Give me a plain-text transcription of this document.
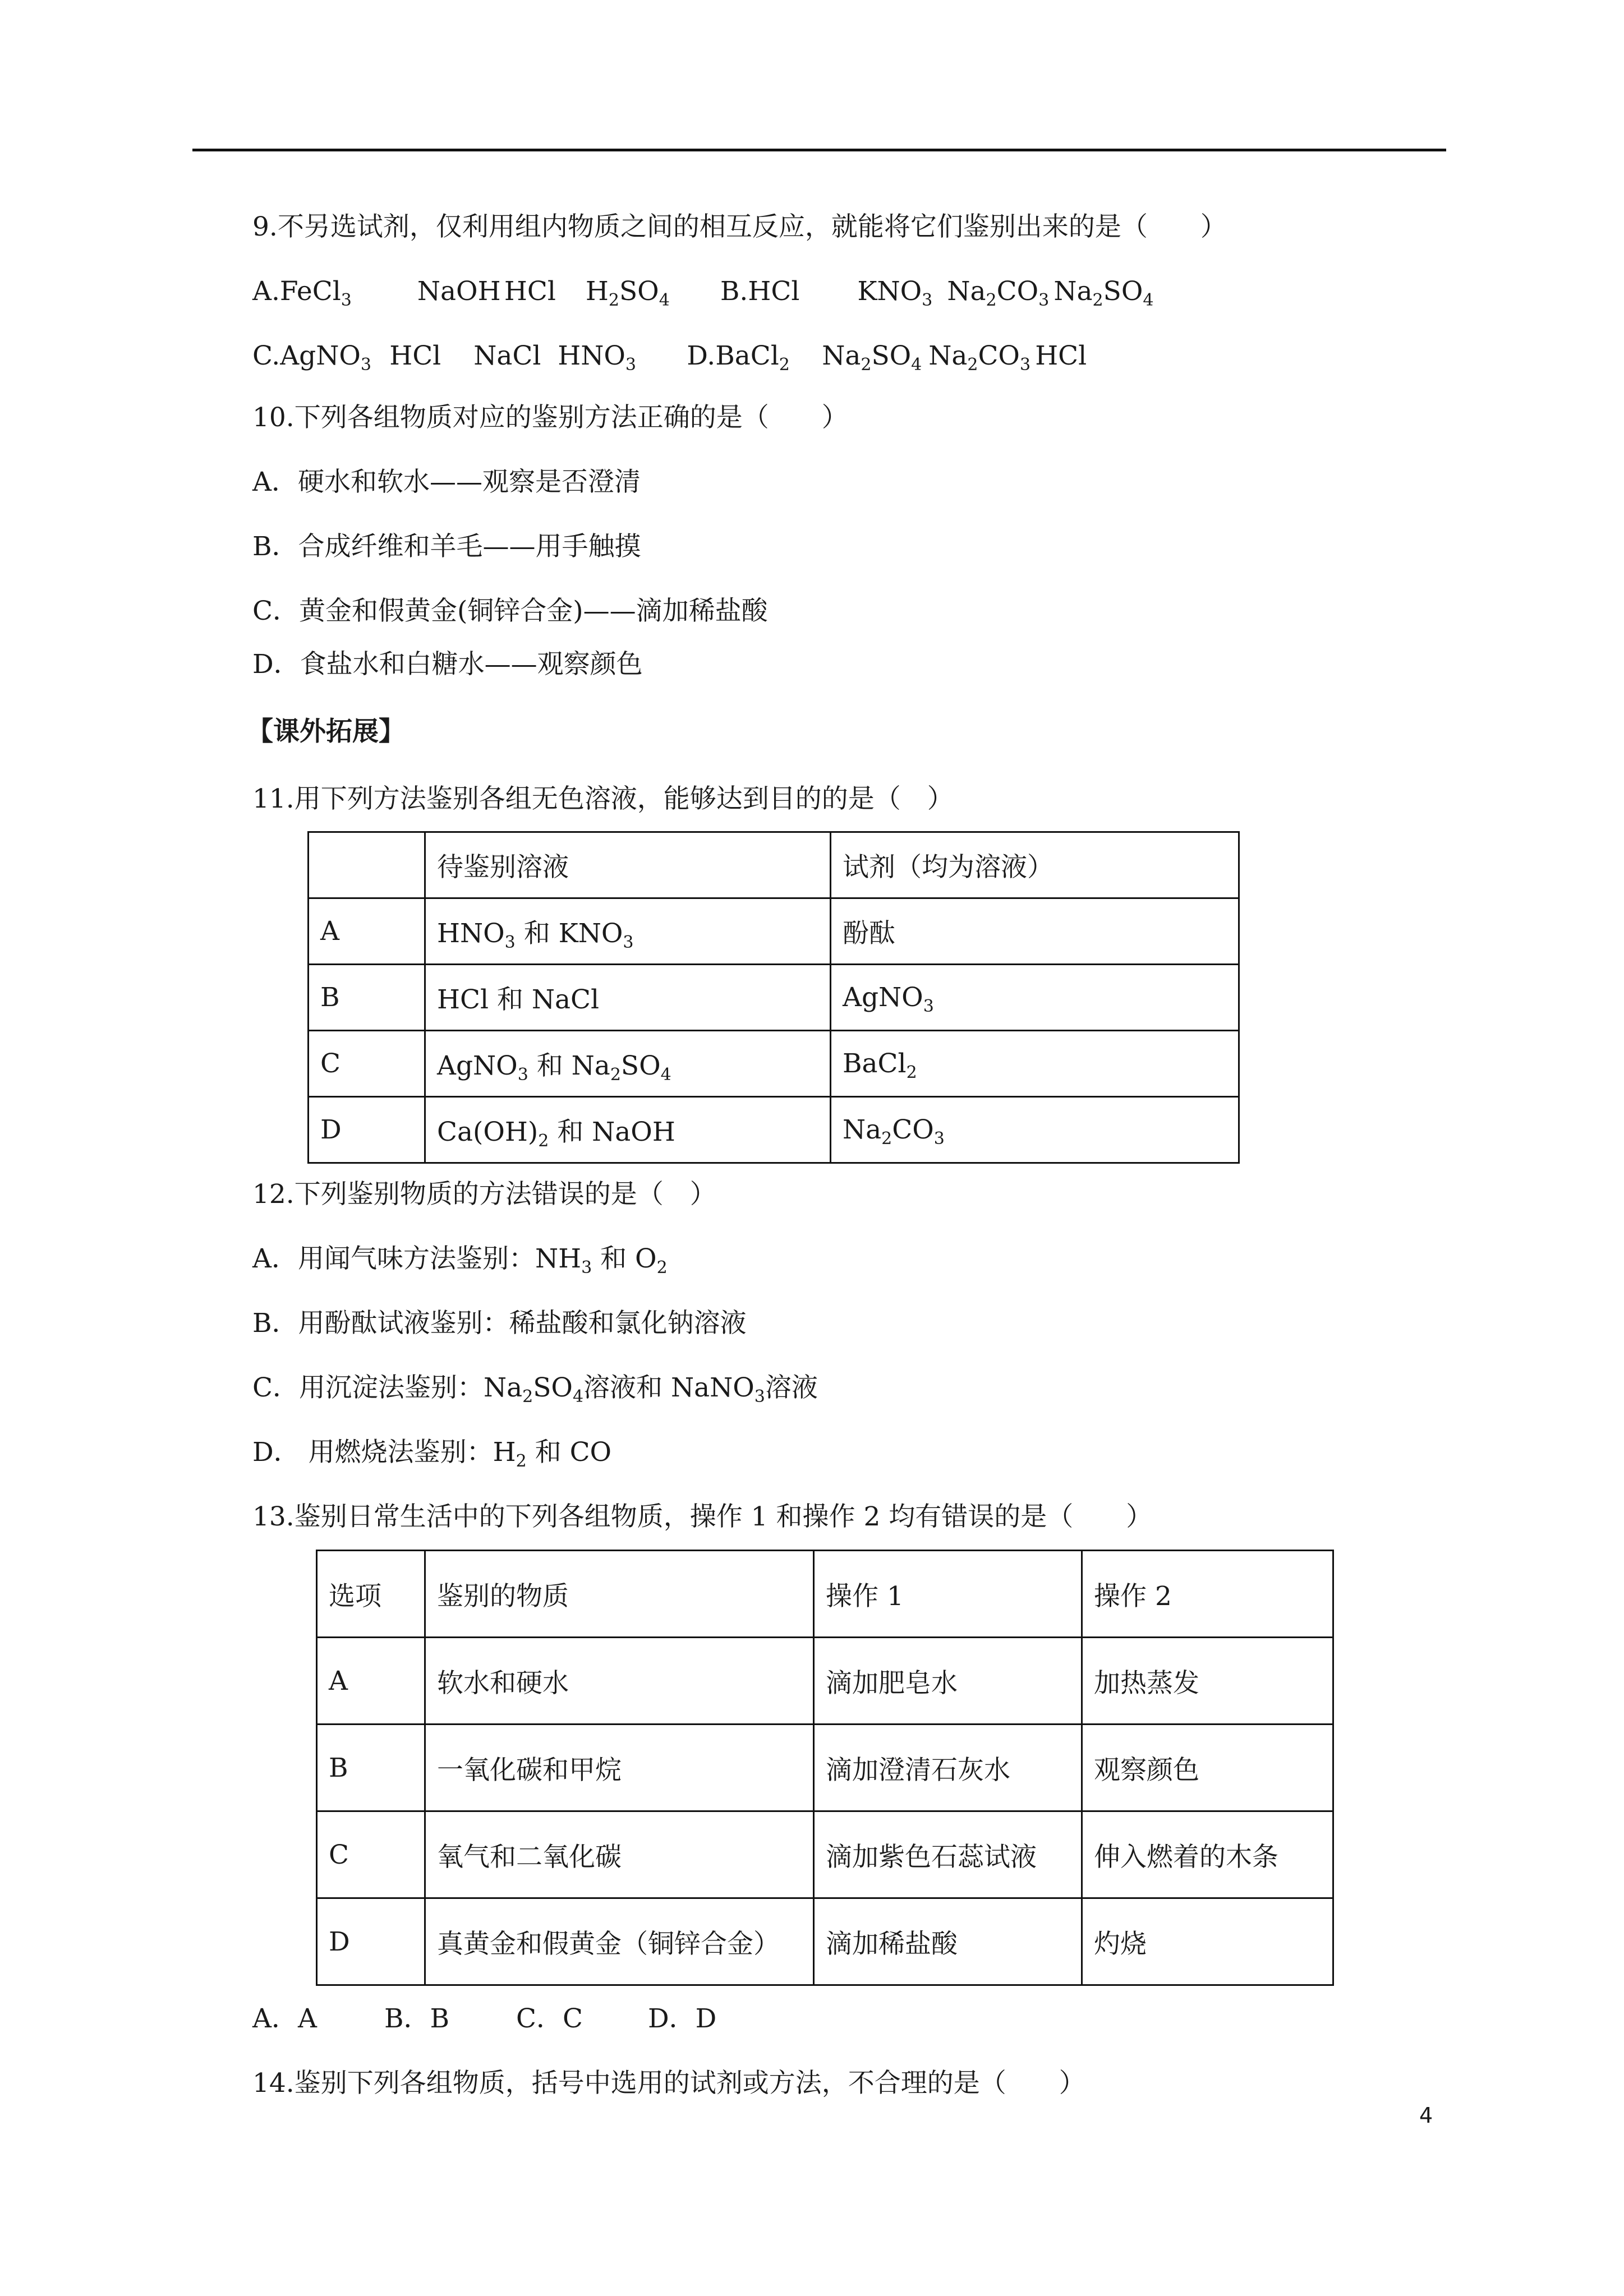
9.不另选试剂，仅利用组内物质之间的相互反应，就能将它们鉴别出来的是（　　）
A.FeCl$_3$ NaOH HCl $H_2SO_4$ B.HCl $KNO_3$ $Na_2CO_3$ $Na_2SO_4$
C.AgNO$_3$ HCl NaCl $HNO_3$ D.BaCl$_2$ $Na_2SO_4$ $Na_2CO_3$ HCl
10.下列各组物质对应的鉴别方法正确的是（　　）
A．硬水和软水——观察是否澄清
B．合成纤维和羊毛——用手触摸
C．黄金和假黄金(铜锌合金)——滴加稀盐酸
D．食盐水和白糖水——观察颜色
【课外拓展】
11.用下列方法鉴别各组无色溶液，能够达到目的的是（　）
	待鉴别溶液	试剂（均为溶液）
A	$HNO_3$ 和 $KNO_3$	酚酞
B	HCl 和 NaCl	AgNO$_3$
C	AgNO$_3$ 和 $Na_2SO_4$	BaCl$_2$
D	$Ca(OH)_2$ 和 NaOH	$Na_2CO_3$
12.下列鉴别物质的方法错误的是（　）
A．用闻气味方法鉴别：$NH_3$ 和 $O_2$
B．用酚酞试液鉴别：稀盐酸和氯化钠溶液
C．用沉淀法鉴别：$Na_2SO_4$溶液和 NaNO$_3$溶液
D． 用燃烧法鉴别：$H_2$ 和 CO
13.鉴别日常生活中的下列各组物质，操作 1 和操作 2 均有错误的是（　　）
选项	鉴别的物质	操作 1	操作 2
A	软水和硬水	滴加肥皂水	加热蒸发
B	一氧化碳和甲烷	滴加澄清石灰水	观察颜色
C	氧气和二氧化碳	滴加紫色石蕊试液	伸入燃着的木条
D	真黄金和假黄金（铜锌合金）	滴加稀盐酸	灼烧
A．A	B．B	C．C D．D
14.鉴别下列各组物质，括号中选用的试剂或方法，不合理的是（　　）
4
